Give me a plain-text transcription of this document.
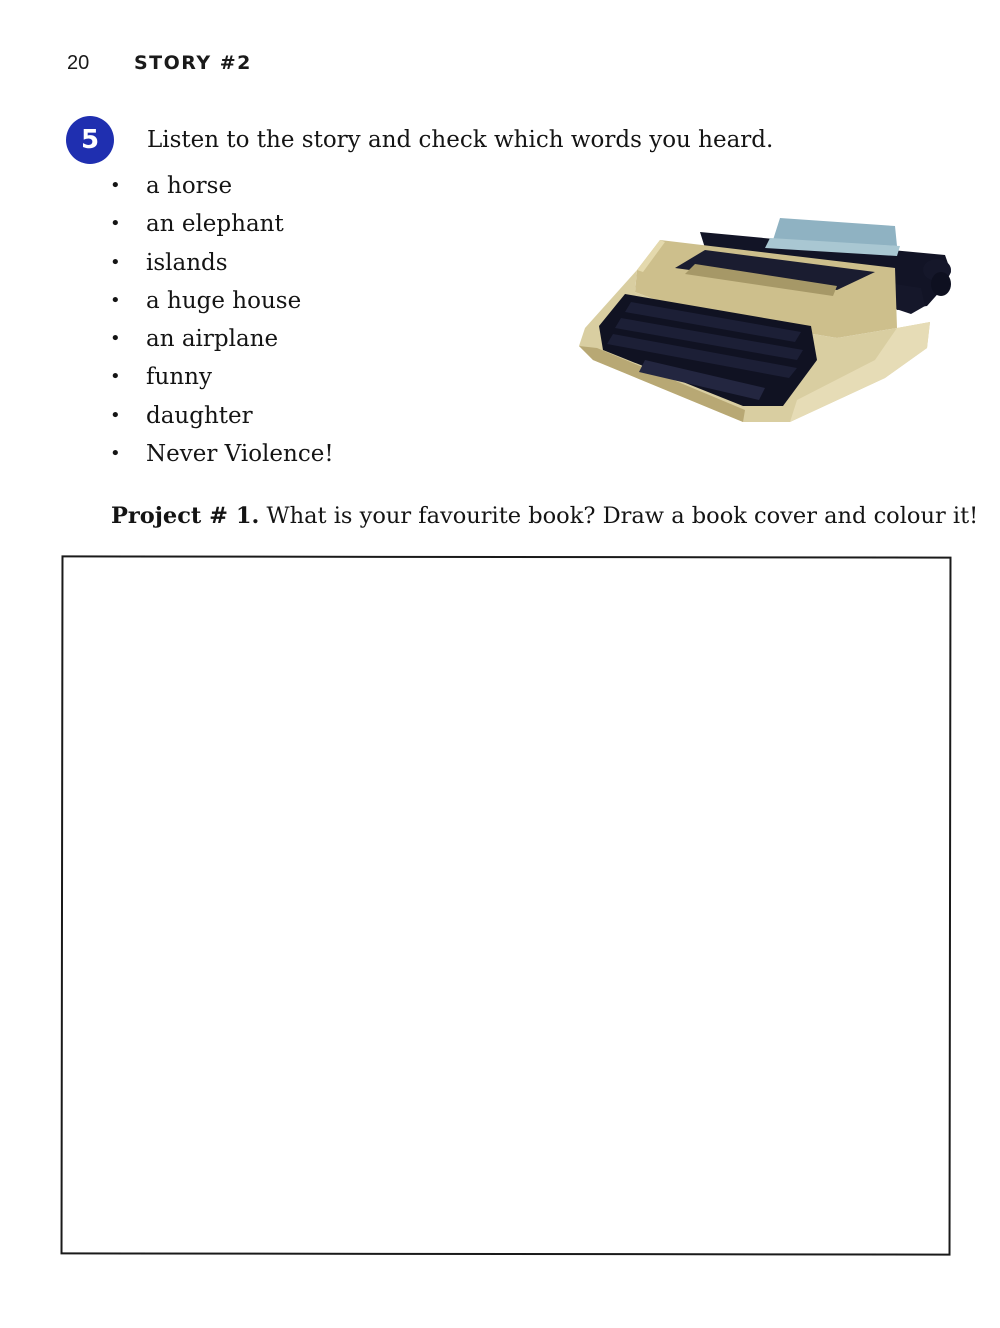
20	STORY #2
5	Listen to the story and check which words you heard.
• a horse
• an elephant
• islands
• a huge house
• an airplane
• funny
• daughter
• Never Violence!
Project # 1. What is your favourite book? Draw a book cover and colour it!
